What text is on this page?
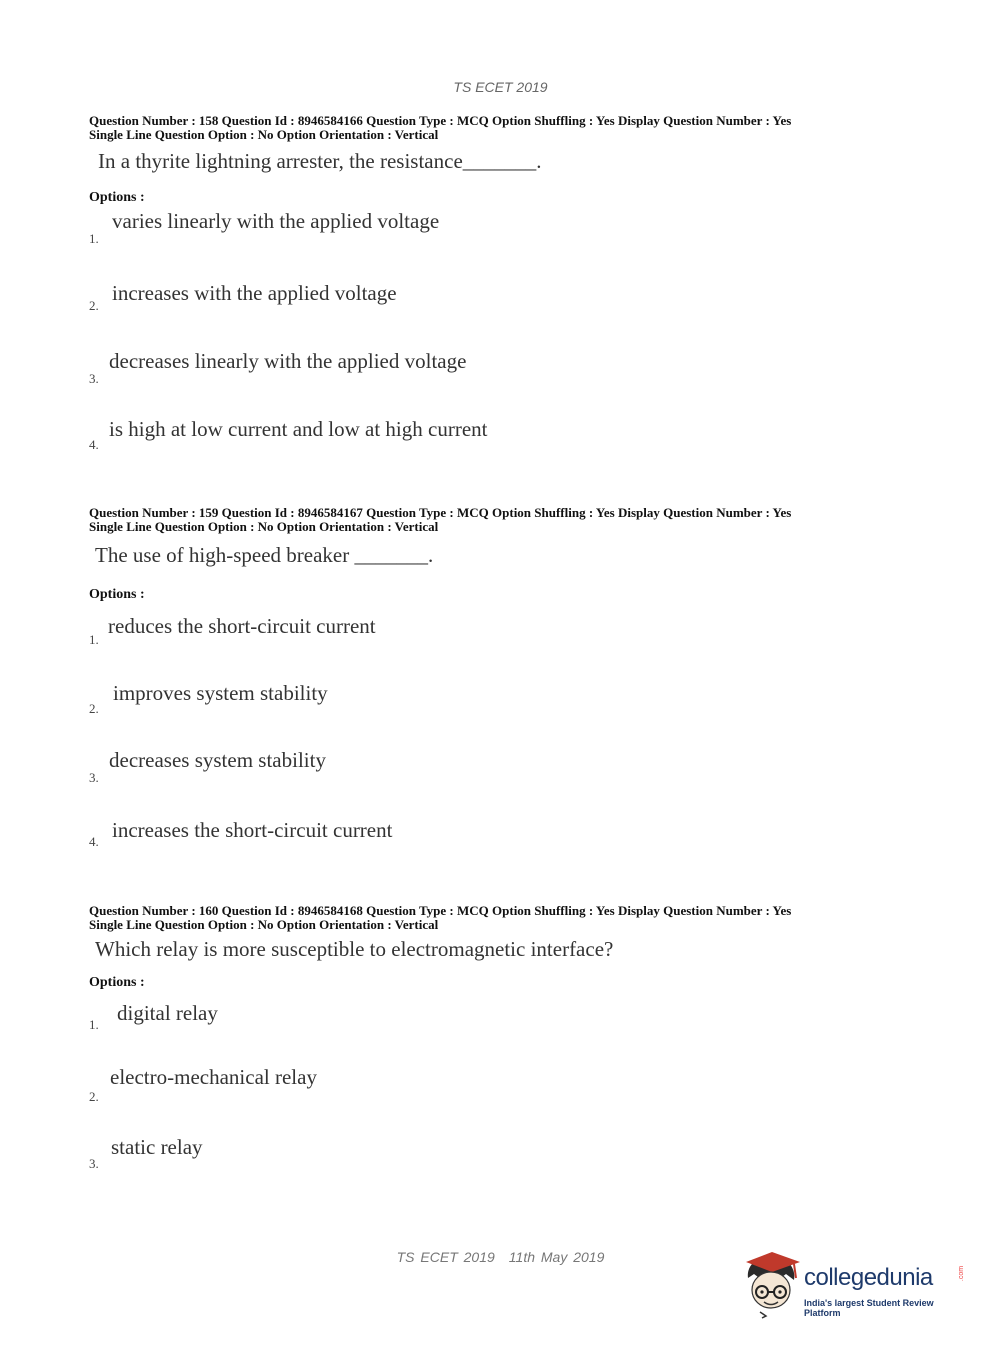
TS ECET 2019
Question Number : 158 Question Id : 8946584166 Question Type : MCQ Option Shuffling : Yes Display Question Number : Yes
Single Line Question Option : No Option Orientation : Vertical
In a thyrite lightning arrester, the resistance_______.
Options :
varies linearly with the applied voltage
1.
increases with the applied voltage
2.
decreases linearly with the applied voltage
3.
is high at low current and low at high current
4.
Question Number : 159 Question Id : 8946584167 Question Type : MCQ Option Shuffling : Yes Display Question Number : Yes
Single Line Question Option : No Option Orientation : Vertical
The use of high-speed breaker _______.
Options :
reduces the short-circuit current
1.
improves system stability
2.
decreases system stability
3.
increases the short-circuit current
4.
Question Number : 160 Question Id : 8946584168 Question Type : MCQ Option Shuffling : Yes Display Question Number : Yes
Single Line Question Option : No Option Orientation : Vertical
Which relay is more susceptible to electromagnetic interface?
Options :
digital relay
1.
electro-mechanical relay
2.
static relay
3.
TS ECET 2019 11th May 2019
collegedunia	.com
India's largest Student Review Platform
